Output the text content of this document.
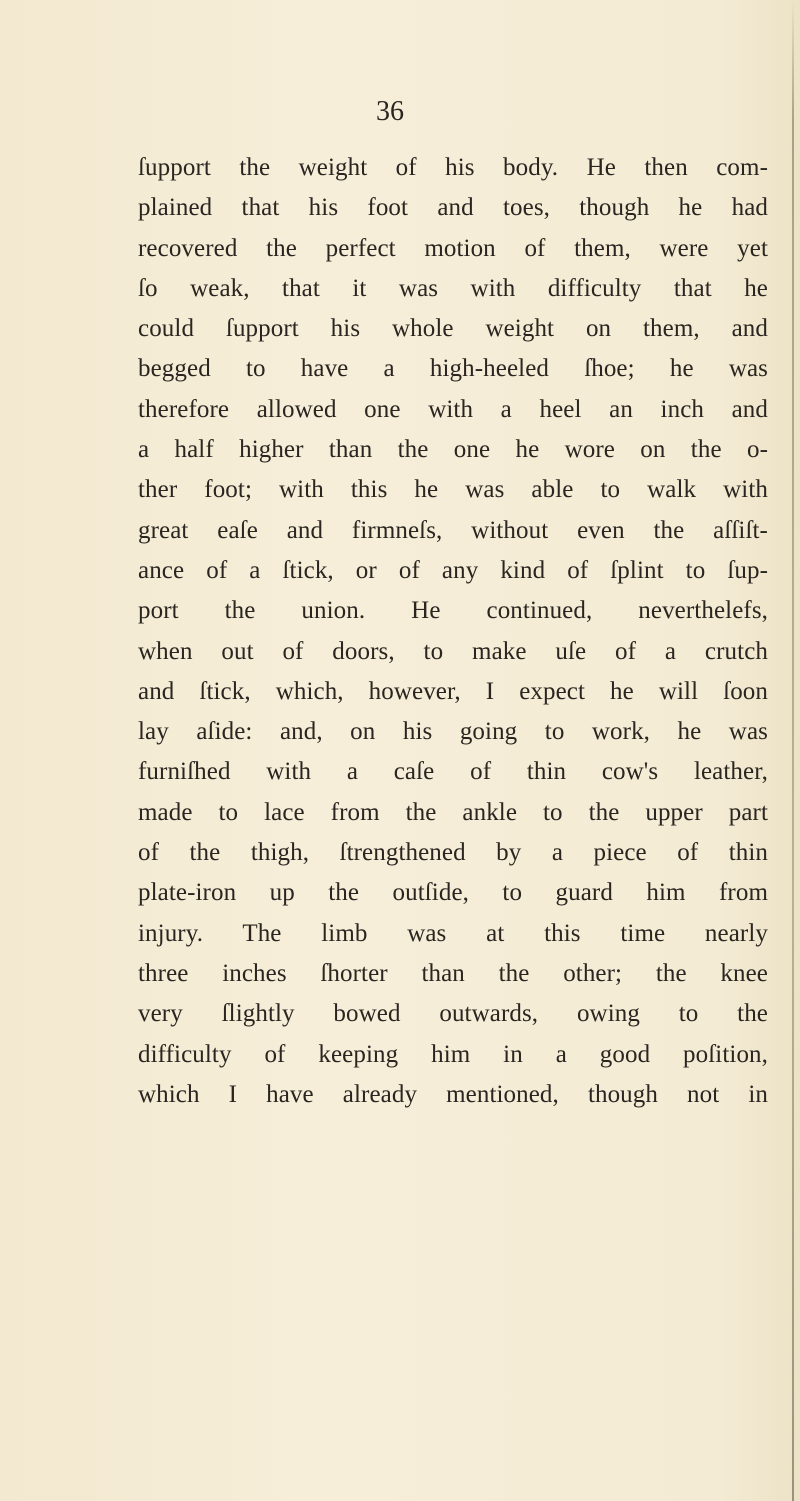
36
ſupport the weight of his body. He then com-
plained that his foot and toes, though he had
recovered the perfect motion of them, were yet
ſo weak, that it was with difficulty that he
could ſupport his whole weight on them, and
begged to have a high-heeled ſhoe; he was
therefore allowed one with a heel an inch and
a half higher than the one he wore on the o-
ther foot; with this he was able to walk with
great eaſe and firmneſs, without even the aſſiſt-
ance of a ſtick, or of any kind of ſplint to ſup-
port the union. He continued, neverthelefs,
when out of doors, to make uſe of a crutch
and ſtick, which, however, I expect he will ſoon
lay aſide: and, on his going to work, he was
furniſhed with a caſe of thin cow's leather,
made to lace from the ankle to the upper part
of the thigh, ſtrengthened by a piece of thin
plate-iron up the outſide, to guard him from
injury. The limb was at this time nearly
three inches ſhorter than the other; the knee
very ſlightly bowed outwards, owing to the
difficulty of keeping him in a good poſition,
which I have already mentioned, though not in
